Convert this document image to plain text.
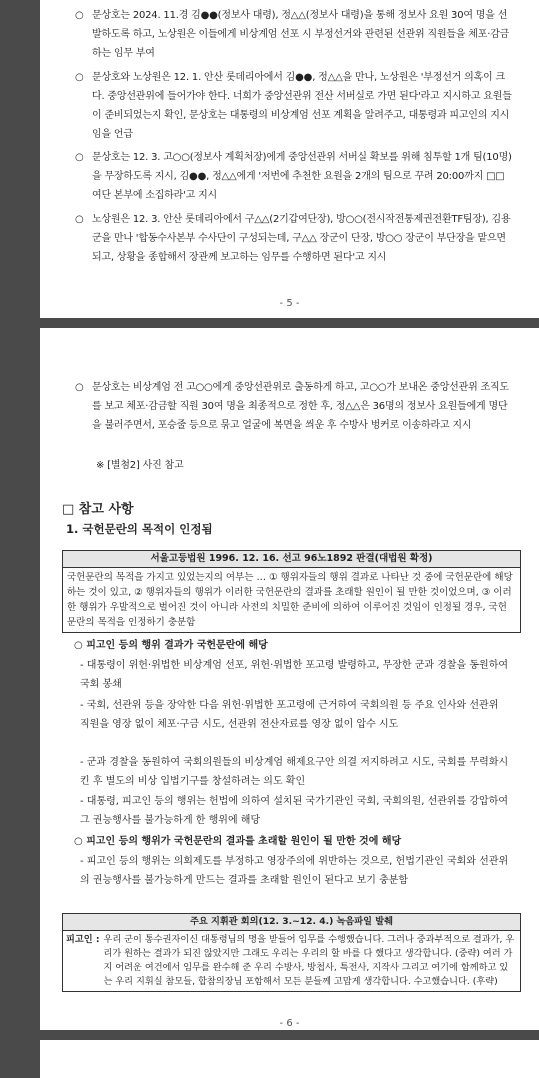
○ 문상호는 2024. 11.경 김●●(정보사 대령), 정△△(정보사 대령)을 통해 정보사 요원 30여 명을 선발하도록 하고, 노상원은 이들에게 비상계엄 선포 시 부정선거와 관련된 선관위 직원들을 체포·감금하는 임무 부여
○ 문상호와 노상원은 12. 1. 안산 롯데리아에서 김●●, 정△△을 만나, 노상원은 '부정선거 의혹이 크다. 중앙선관위에 들어가야 한다. 너희가 중앙선관위 전산 서버실로 가면 된다'라고 지시하고 요원들이 준비되었는지 확인, 문상호는 대통령의 비상계엄 선포 계획을 알려주고, 대통령과 피고인의 지시임을 언급
○ 문상호는 12. 3. 고○○(정보사 계획처장)에게 중앙선관위 서버실 확보를 위해 침투할 1개 팀(10명)을 무장하도록 지시, 김●●, 정△△에게 '저번에 추천한 요원을 2개의 팀으로 꾸려 20:00까지 □□여단 본부에 소집하라'고 지시
○ 노상원은 12. 3. 안산 롯데리아에서 구△△(2기갑여단장), 방○○(전시작전통제권전환TF팀장), 김용군을 만나 '합동수사본부 수사단이 구성되는데, 구△△ 장군이 단장, 방○○ 장군이 부단장을 맡으면 되고, 상황을 종합해서 장관께 보고하는 임무를 수행하면 된다'고 지시
- 5 -
○ 문상호는 비상계엄 전 고○○에게 중앙선관위로 출동하게 하고, 고○○가 보내온 중앙선관위 조직도를 보고 체포·감금할 직원 30여 명을 최종적으로 정한 후, 정△△은 36명의 정보사 요원들에게 명단을 불러주면서, 포승줄 등으로 묶고 얼굴에 복면을 씌운 후 수방사 벙커로 이송하라고 지시
※ [별첨2] 사진 참고
□ 참고 사항
1. 국헌문란의 목적이 인정됨
서울고등법원 1996. 12. 16. 선고 96노1892 판결(대법원 확정)
국헌문란의 목적을 가지고 있었는지의 여부는 … ① 행위자들의 행위 결과로 나타난 것 중에 국헌문란에 해당하는 것이 있고, ② 행위자들의 행위가 이러한 국헌문란의 결과를 초래할 원인이 될 만한 것이었으며, ③ 이러한 행위가 우발적으로 벌어진 것이 아니라 사전의 치밀한 준비에 의하여 이루어진 것임이 인정될 경우, 국헌문란의 목적을 인정하기 충분함
○ 피고인 등의 행위 결과가 국헌문란에 해당
- 대통령이 위헌·위법한 비상계엄 선포, 위헌·위법한 포고령 발령하고, 무장한 군과 경찰을 동원하여 국회 봉쇄
- 국회, 선관위 등을 장악한 다음 위헌·위법한 포고령에 근거하여 국회의원 등 주요 인사와 선관위 직원을 영장 없이 체포·구금 시도, 선관위 전산자료를 영장 없이 압수 시도
- 군과 경찰을 동원하여 국회의원들의 비상계엄 해제요구안 의결 저지하려고 시도, 국회를 무력화시킨 후 별도의 비상 입법기구를 창설하려는 의도 확인
- 대통령, 피고인 등의 행위는 헌법에 의하여 설치된 국가기관인 국회, 국회의원, 선관위를 강압하여 그 권능행사를 불가능하게 한 행위에 해당
○ 피고인 등의 행위가 국헌문란의 결과를 초래할 원인이 될 만한 것에 해당
- 피고인 등의 행위는 의회제도를 부정하고 영장주의에 위반하는 것으로, 헌법기관인 국회와 선관위의 권능행사를 불가능하게 만드는 결과를 초래할 원인이 된다고 보기 충분함
주요 지휘관 회의(12. 3.~12. 4.) 녹음파일 발췌
피고인 : 우리 군이 통수권자이신 대통령님의 명을 받들어 임무를 수행했습니다. 그러나 중과부적으로 결과가, 우리가 원하는 결과가 되진 않았지만 그래도 우리는 우리의 할 바를 다 했다고 생각합니다. (중략) 여러 가지 어려운 여건에서 임무를 완수해 준 우리 수방사, 방첩사, 특전사, 지작사 그리고 여기에 함께하고 있는 우리 지휘실 참모들, 합참의장님 포함해서 모든 분들께 고맙게 생각합니다. 수고했습니다. (후략)
- 6 -
